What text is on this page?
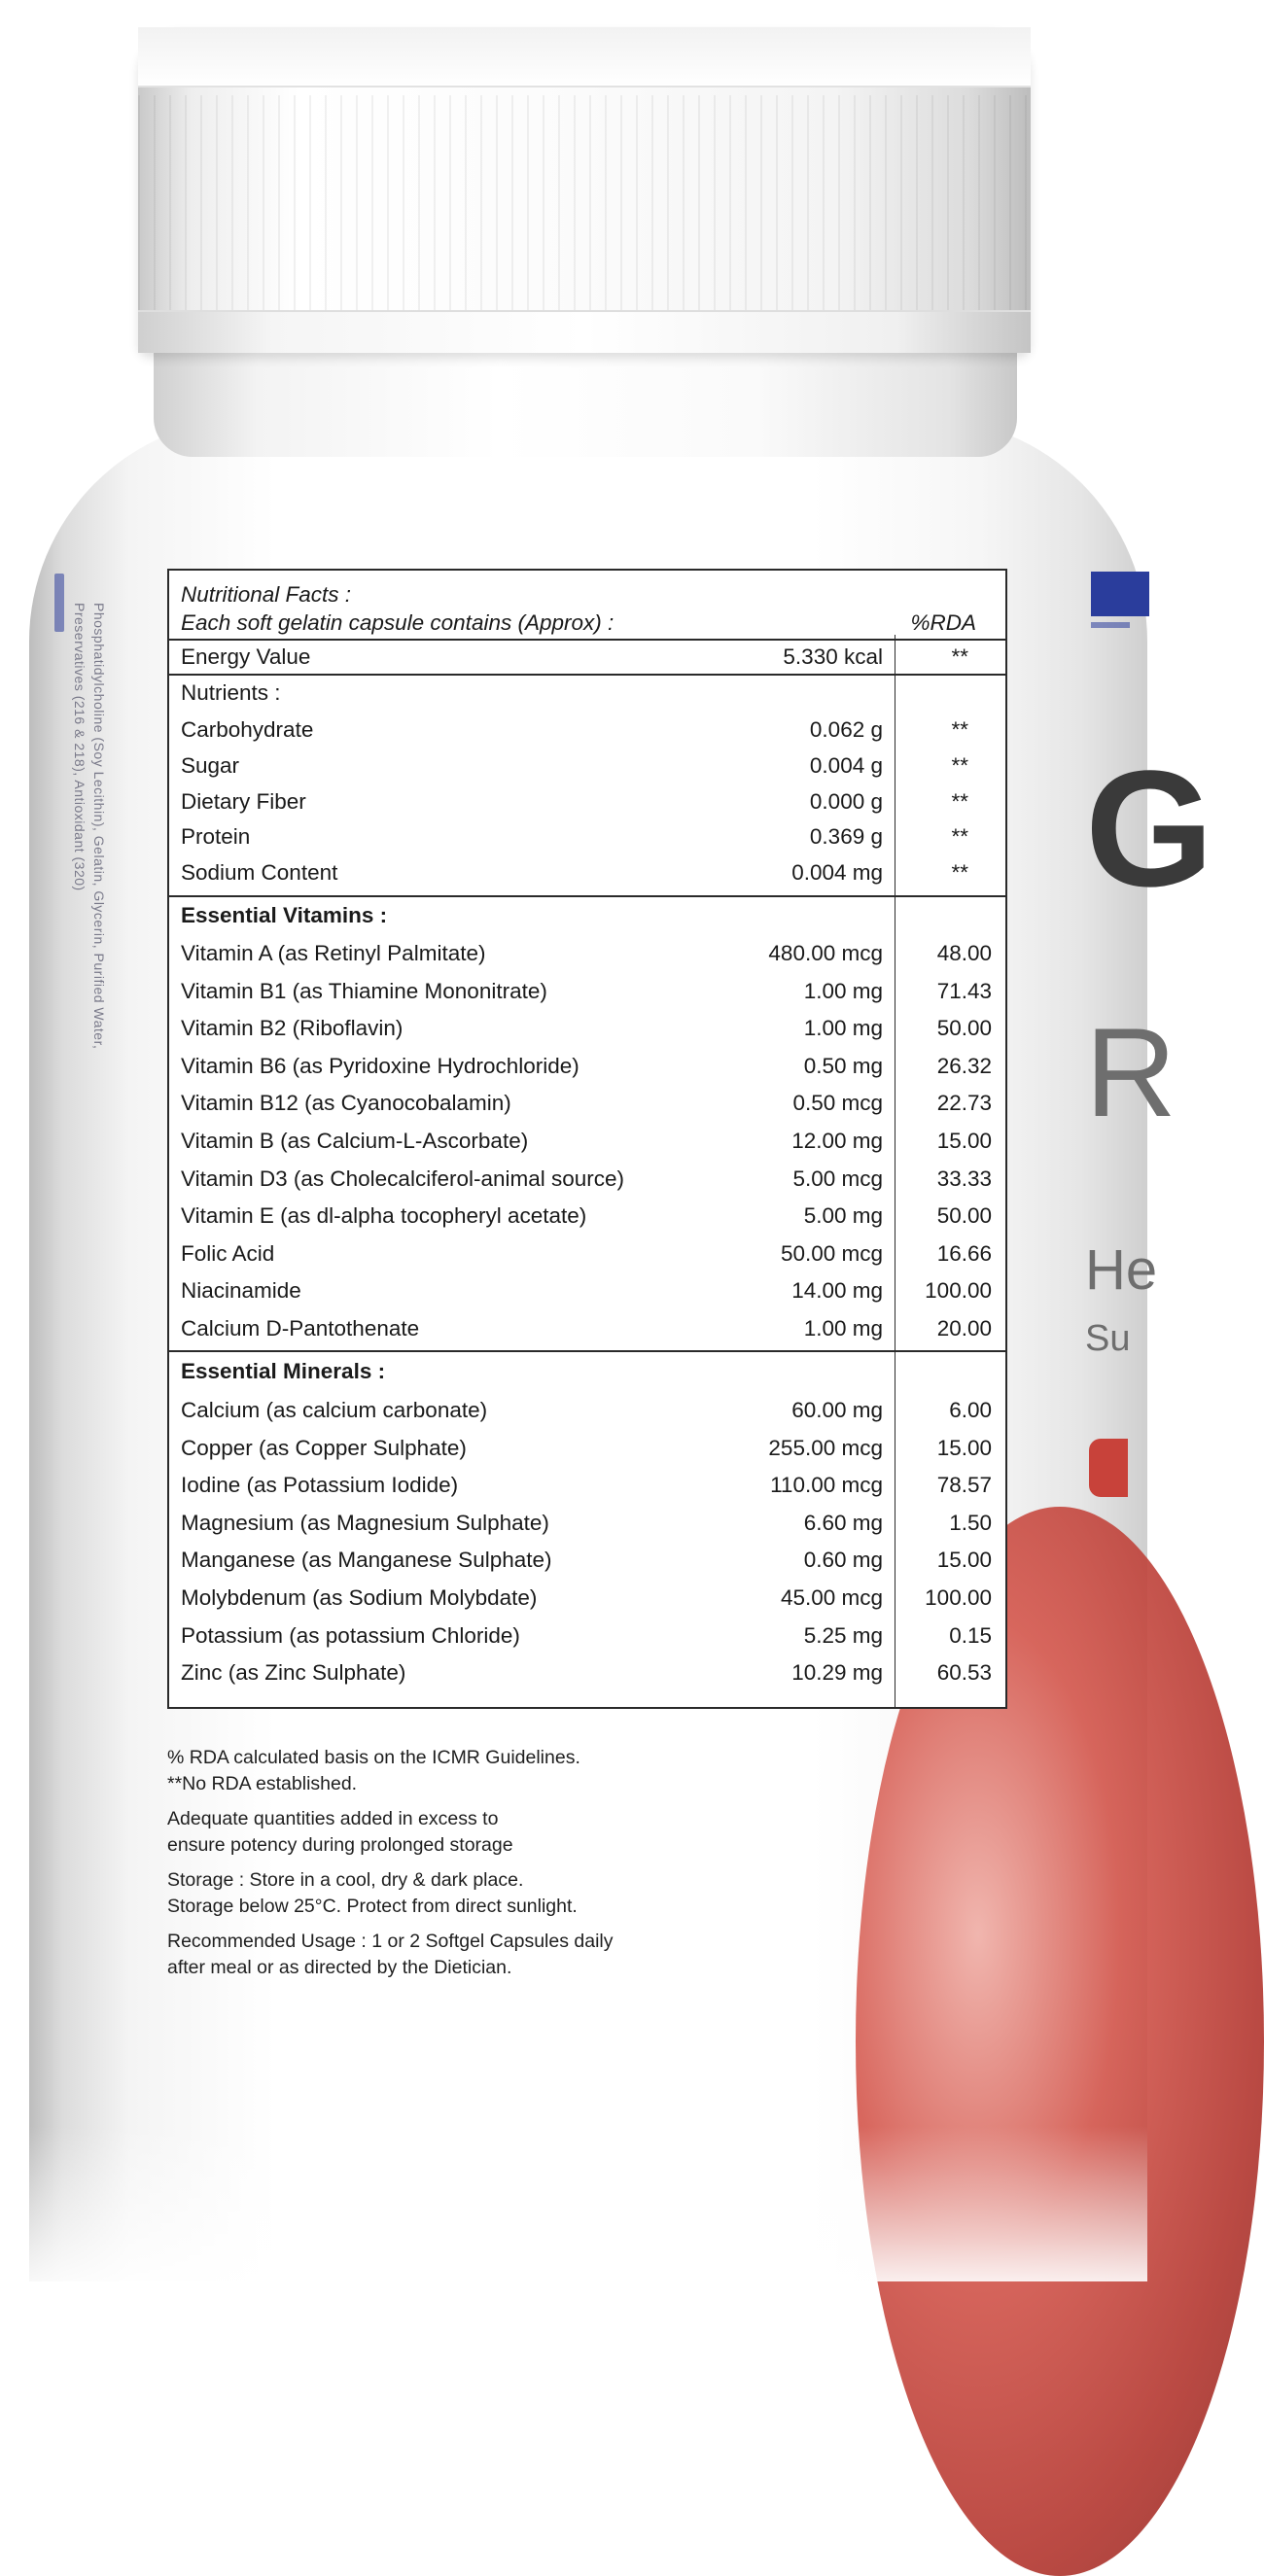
Phosphatidylcholine (Soy Lecithin), Gelatin, Glycerin, Purified Water,
Preservatives (216 & 218), Antioxidant (320)	G
R
He
Su
Nutritional Facts :
Each soft gelatin capsule contains (Approx) :	%RDA
Energy Value	5.330 kcal	**
Nutrients :
Carbohydrate	0.062 g	**
Sugar	0.004 g	**
Dietary Fiber	0.000 g	**
Protein	0.369 g	**
Sodium Content	0.004 mg	**
Essential Vitamins :
Vitamin A (as Retinyl Palmitate)	480.00 mcg 48.00
Vitamin B1 (as Thiamine Mononitrate)	1.00 mg 71.43
Vitamin B2 (Riboflavin)	1.00 mg 50.00
Vitamin B6 (as Pyridoxine Hydrochloride)	0.50 mg 26.32
Vitamin B12 (as Cyanocobalamin)	0.50 mcg 22.73
Vitamin B (as Calcium-L-Ascorbate)	12.00 mg 15.00
Vitamin D3 (as Cholecalciferol-animal source)	5.00 mcg 33.33
Vitamin E (as dl-alpha tocopheryl acetate)	5.00 mg 50.00
Folic Acid	50.00 mcg 16.66
Niacinamide	14.00 mg 100.00
Calcium D-Pantothenate	1.00 mg 20.00
Essential Minerals :
Calcium (as calcium carbonate)	60.00 mg	6.00
Copper (as Copper Sulphate)	255.00 mcg 15.00
Iodine (as Potassium Iodide)	110.00 mcg 78.57
Magnesium (as Magnesium Sulphate)	6.60 mg	1.50
Manganese (as Manganese Sulphate)	0.60 mg 15.00
Molybdenum (as Sodium Molybdate)	45.00 mcg 100.00
Potassium (as potassium Chloride)	5.25 mg	0.15
Zinc (as Zinc Sulphate)	10.29 mg 60.53

% RDA calculated basis on the ICMR Guidelines.
**No RDA established.

Adequate quantities added in excess to
ensure potency during prolonged storage

Storage : Store in a cool, dry & dark place.
Storage below 25°C. Protect from direct sunlight.

Recommended Usage : 1 or 2 Softgel Capsules daily
after meal or as directed by the Dietician.
